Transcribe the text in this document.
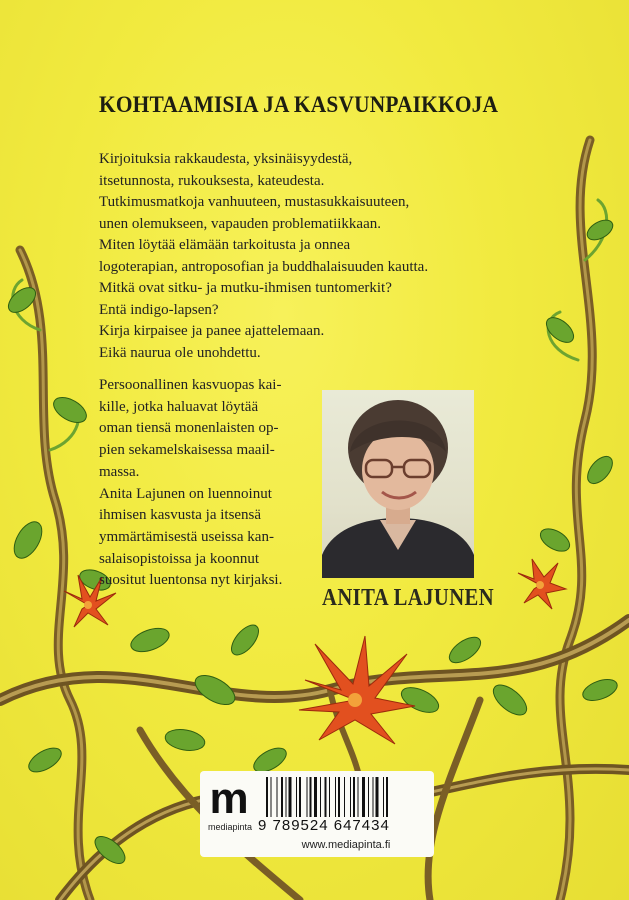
KOHTAAMISIA JA KASVUNPAIKKOJA
Kirjoituksia rakkaudesta, yksinäisyydestä,
itsetunnosta, rukouksesta, kateudesta.
Tutkimusmatkoja vanhuuteen, mustasukkaisuuteen,
unen olemukseen, vapauden problematiikkaan.
Miten löytää elämään tarkoitusta ja onnea
logoterapian, antroposofian ja buddhalaisuuden kautta.
Mitkä ovat sitku- ja mutku-ihmisen tuntomerkit?
Entä indigo-lapsen?
Kirja kirpaisee ja panee ajattelemaan.
Eikä naurua ole unohdettu.
Persoonallinen kasvuopas kai-
kille, jotka haluavat löytää
oman tiensä monenlaisten op-
pien sekamelskaisessa maail-
massa.
Anita Lajunen on luennoinut
ihmisen kasvusta ja itsensä
ymmärtämisestä useissa kan-
salaisopistoissa ja koonnut
suositut luentonsa nyt kirjaksi.
ANITA LAJUNEN
m
mediapinta 9 789524 647434
www.mediapinta.fi
